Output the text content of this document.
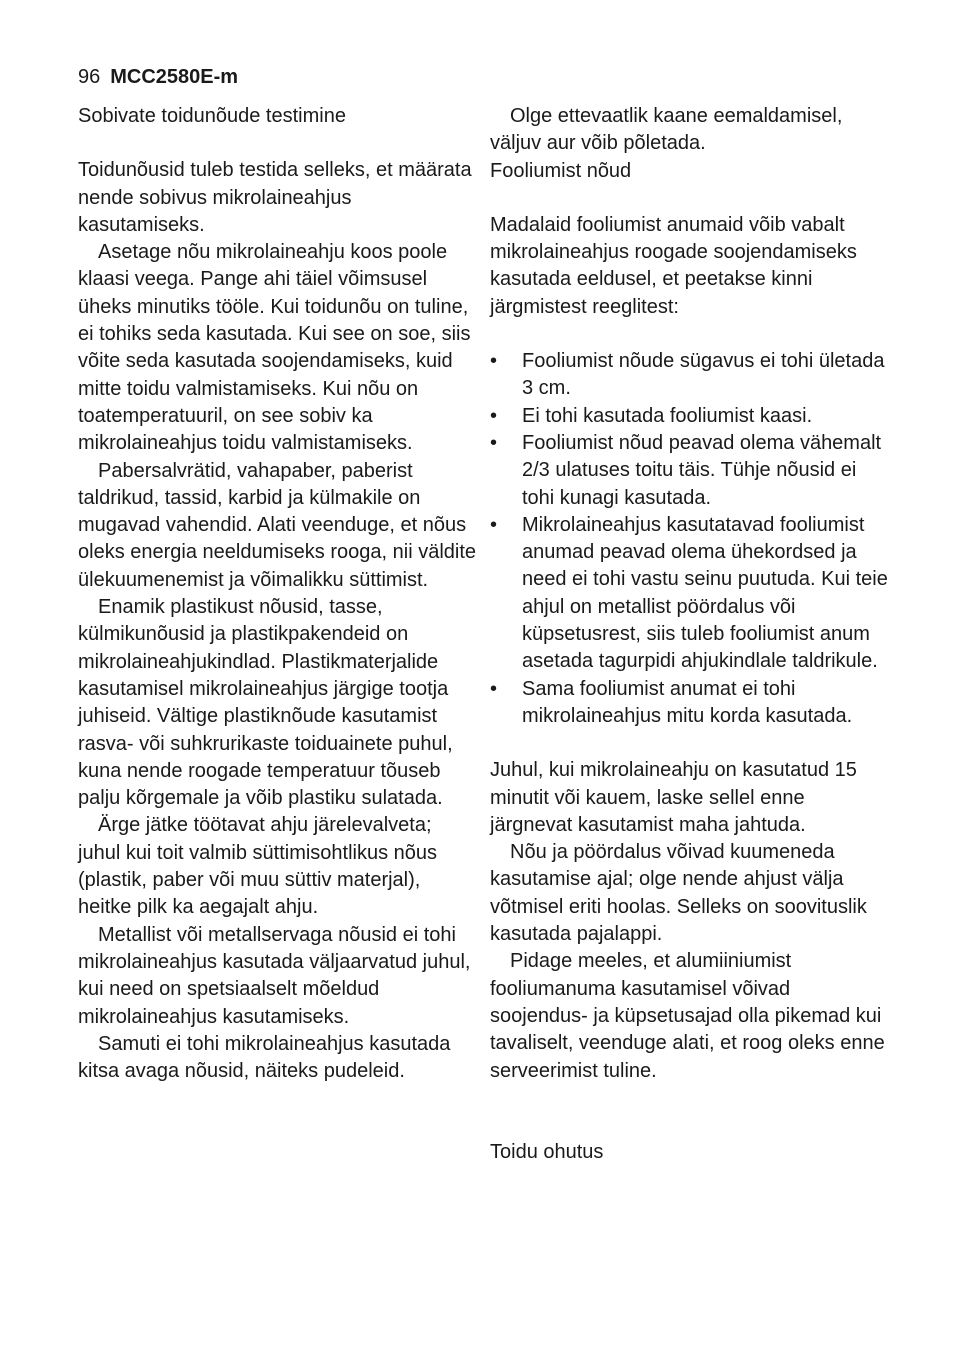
96 MCC2580E-m

Sobivate toidunõude testimine

Toidunõusid tuleb testida selleks, et määrata nende sobivus mikrolaineahjus kasutamiseks.

Asetage nõu mikrolaineahju koos poole klaasi veega. Pange ahi täiel võimsusel üheks minutiks tööle. Kui toidunõu on tuline, ei tohiks seda kasutada. Kui see on soe, siis võite seda kasutada soojendamiseks, kuid mitte toidu valmistamiseks. Kui nõu on toatemperatuuril, on see sobiv ka mikrolaineahjus toidu valmistamiseks.

Pabersalvrätid, vahapaber, paberist taldrikud, tassid, karbid ja külmakile on mugavad vahendid. Alati veenduge, et nõus oleks energia neeldumiseks rooga, nii väldite ülekuumenemist ja võimalikku süttimist.

Enamik plastikust nõusid, tasse, külmikunõusid ja plastikpakendeid on mikrolaineahjukindlad. Plastikmaterjalide kasutamisel mikrolaineahjus järgige tootja juhiseid. Vältige plastiknõude kasutamist rasva- või suhkrurikaste toiduainete puhul, kuna nende roogade temperatuur tõuseb palju kõrgemale ja võib plastiku sulatada.

Ärge jätke töötavat ahju järelevalveta; juhul kui toit valmib süttimisohtlikus nõus (plastik, paber või muu süttiv materjal), heitke pilk ka aegajalt ahju.

Metallist või metallservaga nõusid ei tohi mikrolaineahjus kasutada väljaarvatud juhul, kui need on spetsiaalselt mõeldud mikrolaineahjus kasutamiseks.

Samuti ei tohi mikrolaineahjus kasutada kitsa avaga nõusid, näiteks pudeleid.

Olge ettevaatlik kaane eemaldamisel, väljuv aur võib põletada.

Fooliumist nõud

Madalaid fooliumist anumaid võib vabalt mikrolaineahjus roogade soojendamiseks kasutada eeldusel, et peetakse kinni järgmistest reeglitest:

• Fooliumist nõude sügavus ei tohi ületada 3 cm.
• Ei tohi kasutada fooliumist kaasi.
• Fooliumist nõud peavad olema vähemalt 2/3 ulatuses toitu täis. Tühje nõusid ei tohi kunagi kasutada.
• Mikrolaineahjus kasutatavad fooliumist anumad peavad olema ühekordsed ja need ei tohi vastu seinu puutuda. Kui teie ahjul on metallist pöördalus või küpsetusrest, siis tuleb fooliumist anum asetada tagurpidi ahjukindlale taldrikule.
• Sama fooliumist anumat ei tohi mikrolaineahjus mitu korda kasutada.

Juhul, kui mikrolaineahju on kasutatud 15 minutit või kauem, laske sellel enne järgnevat kasutamist maha jahtuda.

Nõu ja pöördalus võivad kuumeneda kasutamise ajal; olge nende ahjust välja võtmisel eriti hoolas. Selleks on soovituslik kasutada pajalappi.

Pidage meeles, et alumiiniumist fooliumanuma kasutamisel võivad soojendus- ja küpsetusajad olla pikemad kui tavaliselt, veenduge alati, et roog oleks enne serveerimist tuline.

Toidu ohutus
